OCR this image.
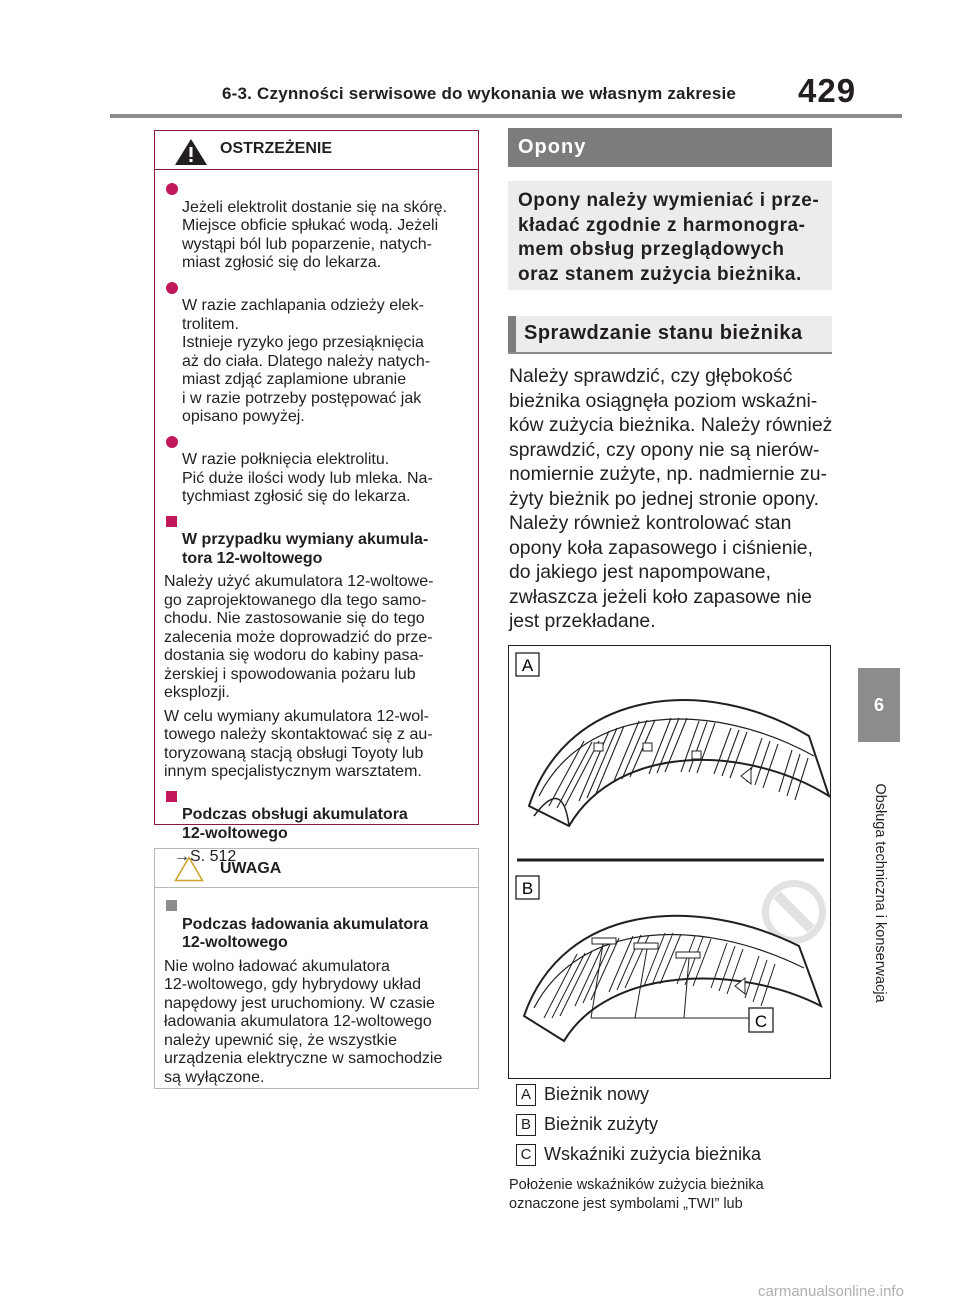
6-3. Czynności serwisowe do wykonania we własnym zakresie 429
6
Obsługa techniczna i konserwacja
OSTRZEŻENIE

Jeżeli elektrolit dostanie się na skórę.
Miejsce obficie spłukać wodą. Jeżeli
wystąpi ból lub poparzenie, natych-
miast zgłosić się do lekarza.

W razie zachlapania odzieży elek-
trolitem.
Istnieje ryzyko jego przesiąknięcia
aż do ciała. Dlatego należy natych-
miast zdjąć zaplamione ubranie
i w razie potrzeby postępować jak
opisano powyżej.

W razie połknięcia elektrolitu.
Pić duże ilości wody lub mleka. Na-
tychmiast zgłosić się do lekarza.

W przypadku wymiany akumula-
tora 12-woltowego

Należy użyć akumulatora 12-woltowe-
go zaprojektowanego dla tego samo-
chodu. Nie zastosowanie się do tego
zalecenia może doprowadzić do prze-
dostania się wodoru do kabiny pasa-
żerskiej i spowodowania pożaru lub
eksplozji.
W celu wymiany akumulatora 12-wol-
towego należy skontaktować się z au-
toryzowaną stacją obsługi Toyoty lub
innym specjalistycznym warsztatem.

Podczas obsługi akumulatora
12-woltowego

→S. 512
UWAGA

Podczas ładowania akumulatora
12-woltowego

Nie wolno ładować akumulatora
12-woltowego, gdy hybrydowy układ
napędowy jest uruchomiony. W czasie
ładowania akumulatora 12-woltowego
należy upewnić się, że wszystkie
urządzenia elektryczne w samochodzie
są wyłączone.
Opony
Opony należy wymieniać i prze-
kładać zgodnie z harmonogra-
mem obsług przeglądowych
oraz stanem zużycia bieżnika.
Sprawdzanie stanu bieżnika
Należy sprawdzić, czy głębokość
bieżnika osiągnęła poziom wskaźni-
ków zużycia bieżnika. Należy również
sprawdzić, czy opony nie są nierów-
nomiernie zużyte, np. nadmiernie zu-
żyty bieżnik po jednej stronie opony.
Należy również kontrolować stan
opony koła zapasowego i ciśnienie,
do jakiego jest napompowane,
zwłaszcza jeżeli koło zapasowe nie
jest przekładane.
A
B
C
A Bieżnik nowy
B Bieżnik zużyty
C Wskaźniki zużycia bieżnika
Położenie wskaźników zużycia bieżnika
oznaczone jest symbolami „TWI” lub
carmanualsonline.info
